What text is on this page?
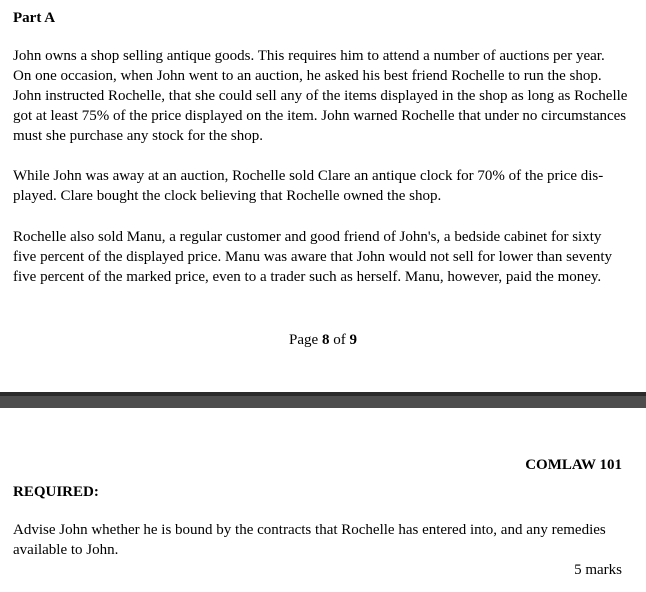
Part A

John owns a shop selling antique goods. This requires him to attend a number of auctions per year.
On one occasion, when John went to an auction, he asked his best friend Rochelle to run the shop.
John instructed Rochelle, that she could sell any of the items displayed in the shop as long as Rochelle
got at least 75% of the price displayed on the item. John warned Rochelle that under no circumstances
must she purchase any stock for the shop.

While John was away at an auction, Rochelle sold Clare an antique clock for 70% of the price dis-
played. Clare bought the clock believing that Rochelle owned the shop.

Rochelle also sold Manu, a regular customer and good friend of John's, a bedside cabinet for sixty
five percent of the displayed price. Manu was aware that John would not sell for lower than seventy
five percent of the marked price, even to a trader such as herself. Manu, however, paid the money.

Page 8 of 9
COMLAW 101
REQUIRED:

Advise John whether he is bound by the contracts that Rochelle has entered into, and any remedies
available to John.

5 marks
